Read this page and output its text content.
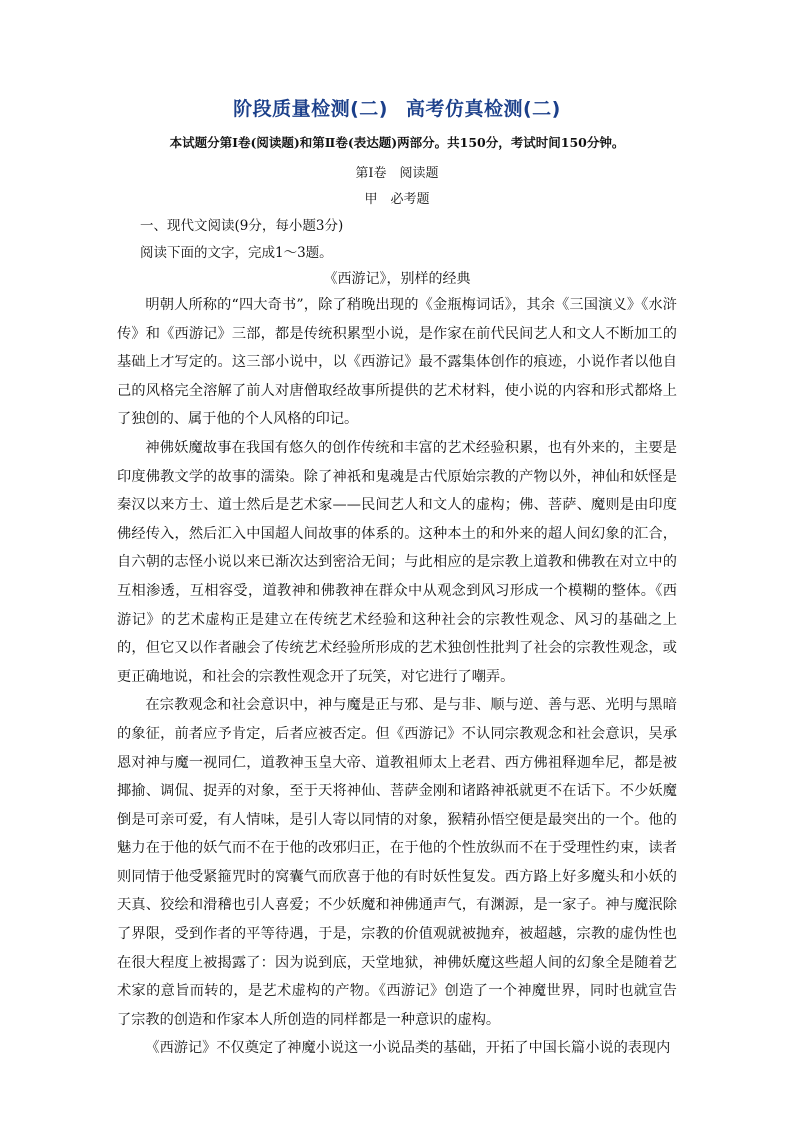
阶段质量检测(二) 高考仿真检测(二)
本试题分第Ⅰ卷(阅读题)和第Ⅱ卷(表达题)两部分。共150分，考试时间150分钟。
第Ⅰ卷　阅读题
甲　必考题
一、现代文阅读(9分，每小题3分)
阅读下面的文字，完成1～3题。
《西游记》，别样的经典

明朝人所称的“四大奇书”，除了稍晚出现的《金瓶梅词话》，其余《三国演义》《水浒传》和《西游记》三部，都是传统积累型小说，是作家在前代民间艺人和文人不断加工的基础上才写定的。这三部小说中，以《西游记》最不露集体创作的痕迹，小说作者以他自己的风格完全溶解了前人对唐僧取经故事所提供的艺术材料，使小说的内容和形式都烙上了独创的、属于他的个人风格的印记。

神佛妖魔故事在我国有悠久的创作传统和丰富的艺术经验积累，也有外来的，主要是印度佛教文学的故事的濡染。除了神祇和鬼魂是古代原始宗教的产物以外，神仙和妖怪是秦汉以来方士、道士然后是艺术家——民间艺人和文人的虚构；佛、菩萨、魔则是由印度佛经传入，然后汇入中国超人间故事的体系的。这种本土的和外来的超人间幻象的汇合，自六朝的志怪小说以来已渐次达到密洽无间；与此相应的是宗教上道教和佛教在对立中的互相渗透，互相容受，道教神和佛教神在群众中从观念到风习形成一个模糊的整体。《西游记》的艺术虚构正是建立在传统艺术经验和这种社会的宗教性观念、风习的基础之上的，但它又以作者融会了传统艺术经验所形成的艺术独创性批判了社会的宗教性观念，或更正确地说，和社会的宗教性观念开了玩笑，对它进行了嘲弄。

在宗教观念和社会意识中，神与魔是正与邪、是与非、顺与逆、善与恶、光明与黑暗的象征，前者应予肯定，后者应被否定。但《西游记》不认同宗教观念和社会意识，吴承恩对神与魔一视同仁，道教神玉皇大帝、道教祖师太上老君、西方佛祖释迦牟尼，都是被揶揄、调侃、捉弄的对象，至于天将神仙、菩萨金刚和诸路神祇就更不在话下。不少妖魔倒是可亲可爱，有人情味，是引人寄以同情的对象，猴精孙悟空便是最突出的一个。他的魅力在于他的妖气而不在于他的改邪归正，在于他的个性放纵而不在于受理性约束，读者则同情于他受紧箍咒时的窝囊气而欣喜于他的有时妖性复发。西方路上好多魔头和小妖的天真、狡绘和滑稽也引人喜爱；不少妖魔和神佛通声气，有渊源，是一家子。神与魔泯除了界限，受到作者的平等待遇，于是，宗教的价值观就被抛弃，被超越，宗教的虚伪性也在很大程度上被揭露了：因为说到底，天堂地狱，神佛妖魔这些超人间的幻象全是随着艺术家的意旨而转的，是艺术虚构的产物。《西游记》创造了一个神魔世界，同时也就宣告了宗教的创造和作家本人所创造的同样都是一种意识的虚构。

《西游记》不仅奠定了神魔小说这一小说品类的基础，开拓了中国长篇小说的表现内
